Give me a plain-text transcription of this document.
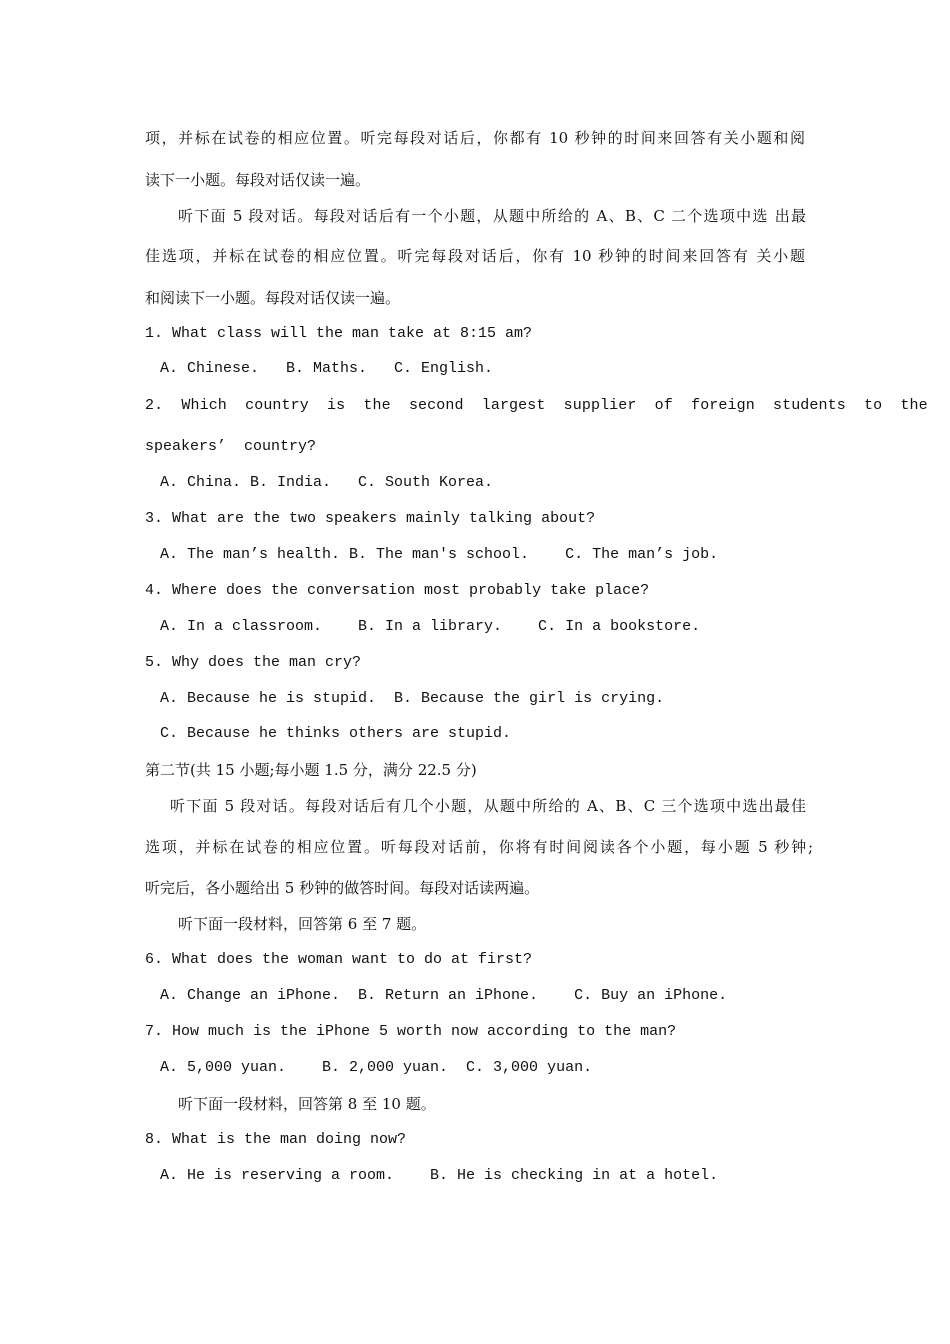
项，并标在试卷的相应位置。听完每段对话后，你都有 10 秒钟的时间来回答有关小题和阅
读下一小题。每段对话仅读一遍。
听下面 5 段对话。每段对话后有一个小题，从题中所给的 A、B、C 二个选项中选 出最
佳选项，并标在试卷的相应位置。听完每段对话后，你有 10 秒钟的时间来回答有 关小题
和阅读下一小题。每段对话仅读一遍。
1. What class will the man take at 8:15 am?
A. Chinese.   B. Maths.   C. English.
2.  Which  country  is  the  second  largest  supplier  of  foreign  students  to  the
speakers’  country?
A. China. B. India.   C. South Korea.
3. What are the two speakers mainly talking about?
A. The man’s health. B. The man's school.    C. The man’s job.
4. Where does the conversation most probably take place?
A. In a classroom.    B. In a library.    C. In a bookstore.
5. Why does the man cry?
A. Because he is stupid.  B. Because the girl is crying.
C. Because he thinks others are stupid.
第二节(共 15 小题;每小题 1.5 分，满分 22.5 分)
听下面 5 段对话。每段对话后有几个小题，从题中所给的 A、B、C 三个选项中选出最佳
选项，并标在试卷的相应位置。听每段对话前，你将有时间阅读各个小题，每小题 5 秒钟;
听完后，各小题给出 5 秒钟的做答时间。每段对话读两遍。
听下面一段材料，回答第 6 至 7 题。
6. What does the woman want to do at first?
A. Change an iPhone.  B. Return an iPhone.    C. Buy an iPhone.
7. How much is the iPhone 5 worth now according to the man?
A. 5,000 yuan.    B. 2,000 yuan.  C. 3,000 yuan.
听下面一段材料，回答第 8 至 10 题。
8. What is the man doing now?
A. He is reserving a room.    B. He is checking in at a hotel.
